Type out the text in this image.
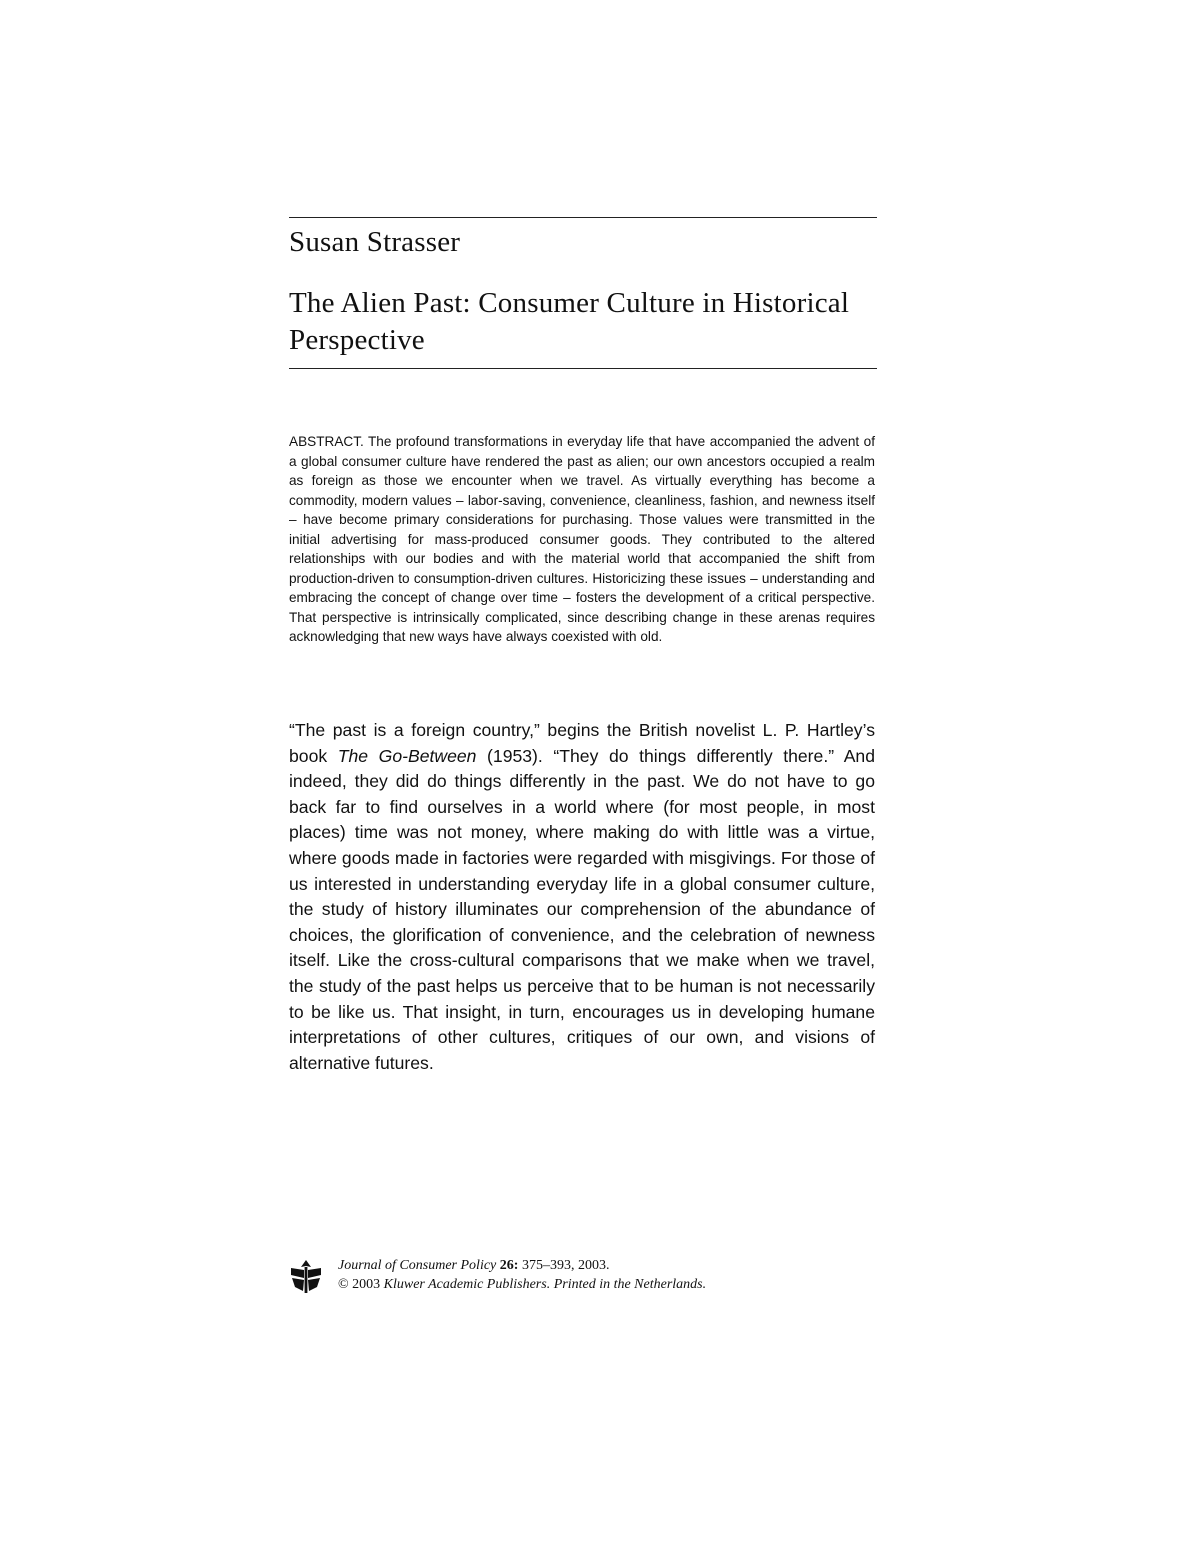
Susan Strasser
The Alien Past: Consumer Culture in Historical Perspective

ABSTRACT. The profound transformations in everyday life that have accompanied the advent of a global consumer culture have rendered the past as alien; our own ancestors occupied a realm as foreign as those we encounter when we travel. As virtually everything has become a commodity, modern values – labor-saving, convenience, cleanliness, fashion, and newness itself – have become primary considerations for purchasing. Those values were transmitted in the initial advertising for mass-produced consumer goods. They contributed to the altered relationships with our bodies and with the material world that accompanied the shift from production-driven to consumption-driven cultures. Historicizing these issues – understanding and embracing the concept of change over time – fosters the development of a critical perspective. That perspective is intrinsically complicated, since describing change in these arenas requires acknowledging that new ways have always coexisted with old.

“The past is a foreign country,” begins the British novelist L. P. Hartley’s book The Go-Between (1953). “They do things differently there.” And indeed, they did do things differently in the past. We do not have to go back far to find ourselves in a world where (for most people, in most places) time was not money, where making do with little was a virtue, where goods made in factories were regarded with misgivings. For those of us interested in understanding everyday life in a global consumer culture, the study of history illuminates our comprehension of the abundance of choices, the glorification of convenience, and the celebration of newness itself. Like the cross-cultural comparisons that we make when we travel, the study of the past helps us perceive that to be human is not necessarily to be like us. That insight, in turn, encourages us in developing humane interpretations of other cultures, critiques of our own, and visions of alternative futures.

Journal of Consumer Policy 26: 375–393, 2003.
© 2003 Kluwer Academic Publishers. Printed in the Netherlands.
